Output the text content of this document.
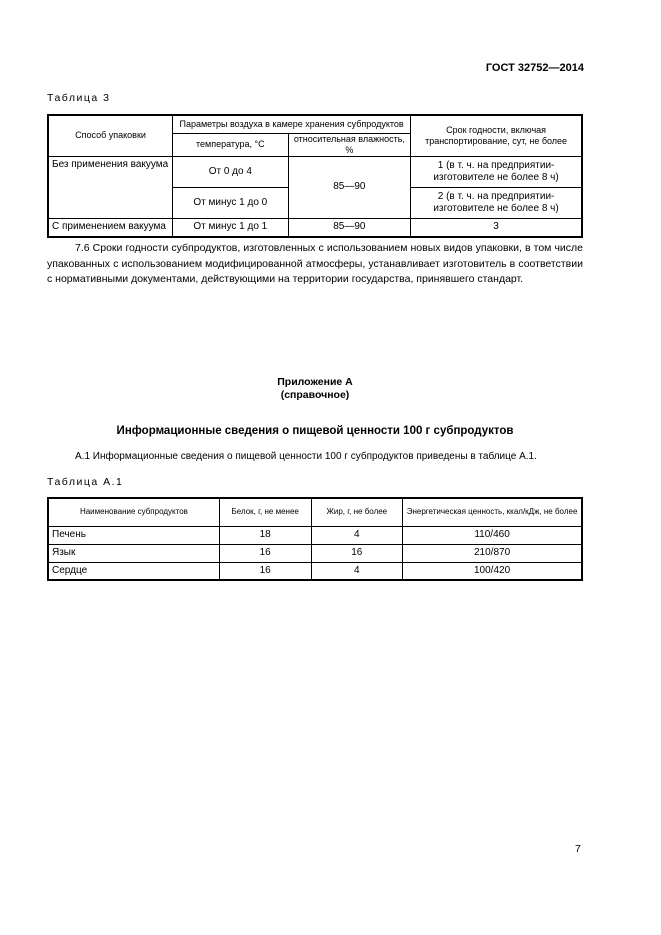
ГОСТ 32752—2014
Таблица 3
Способ упаковки	Параметры воздуха в камере хранения субпродуктов		Срок годности, включая транспортирование, сут, не более
	температура, °С	относительная влажность, %	
Без применения вакуума	От 0 до 4	85—90	1 (в т. ч. на предприятии-изготовителе не более 8 ч)
	От минус 1 до 0		2 (в т. ч. на предприятии-изготовителе не более 8 ч)
С применением вакуума	От минус 1 до 1	85—90	3
7.6 Сроки годности субпродуктов, изготовленных с использованием новых видов упаковки, в том числе упакованных с использованием модифицированной атмосферы, устанавливает изготовитель в соответствии с нормативными документами, действующими на территории государства, принявшего стандарт.
Приложение А
(справочное)
Информационные сведения о пищевой ценности 100 г субпродуктов
А.1 Информационные сведения о пищевой ценности 100 г субпродуктов приведены в таблице А.1.
Таблица А.1
Наименование субпродуктов	Белок, г, не менее	Жир, г, не более	Энергетическая ценность, ккал/кДж, не более
Печень	18	4	110/460
Язык	16	16	210/870
Сердце	16	4	100/420
7
